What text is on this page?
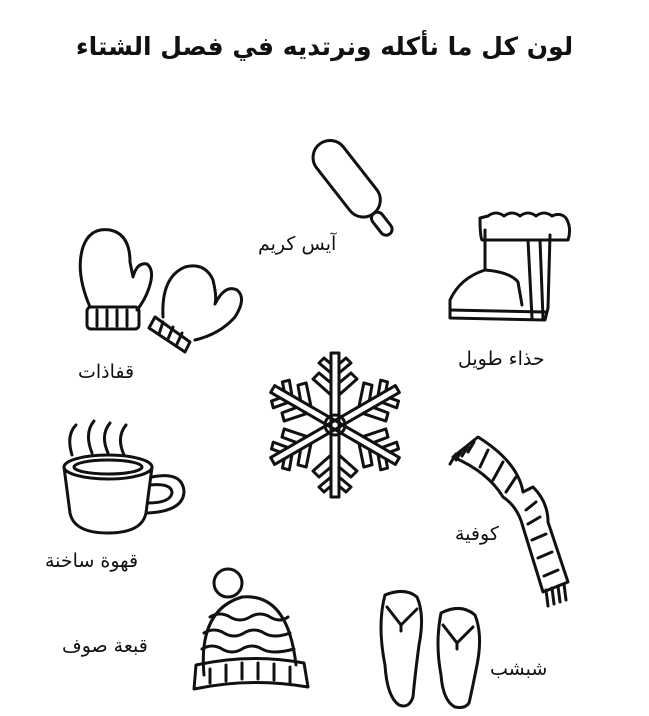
لون كل ما نأكله ونرتديه في فصل الشتاء
آيس كريم
حذاء طويل
قفاذات
كوفية
قهوة ساخنة
قبعة صوف
شبشب
